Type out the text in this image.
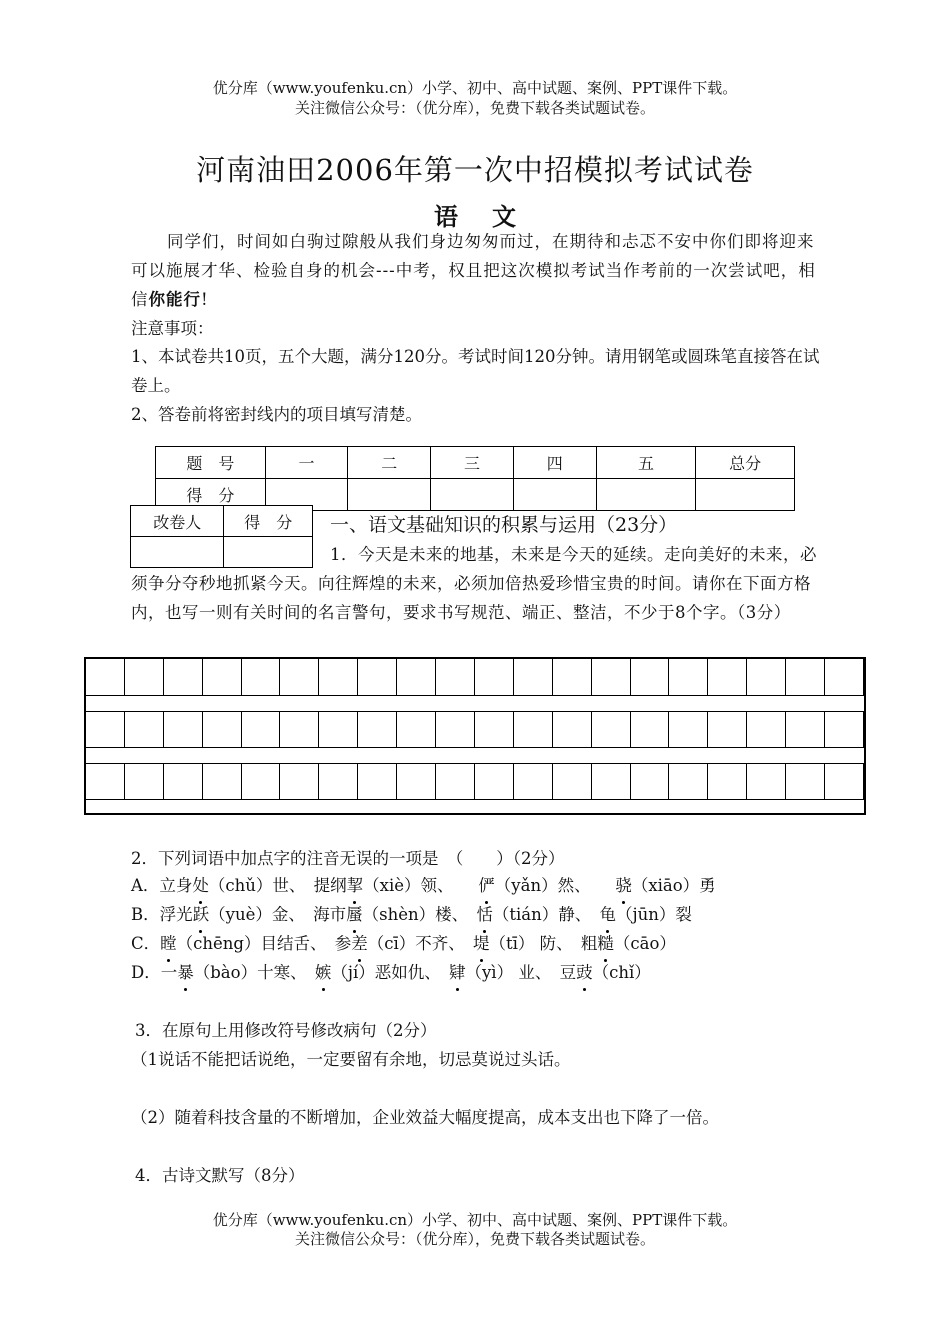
优分库（www.youfenku.cn）小学、初中、高中试题、案例、PPT课件下载。
关注微信公众号：（优分库），免费下载各类试题试卷。
河南油田2006年第一次中招模拟考试试卷
语 文
同学们，时间如白驹过隙般从我们身边匆匆而过，在期待和忐忑不安中你们即将迎来可以施展才华、检验自身的机会---中考，权且把这次模拟考试当作考前的一次尝试吧，相信你能行!
注意事项：
1、本试卷共10页，五个大题，满分120分。考试时间120分钟。请用钢笔或圆珠笔直接答在试卷上。
2、答卷前将密封线内的项目填写清楚。
题　号	一	二	三	四	五	总分
得　分						
改卷人	得　分
	一、语文基础知识的积累与运用（23分）
1．今天是未来的地基，未来是今天的延续。走向美好的未来，必须争分夺秒地抓紧今天。向往辉煌的未来，必须加倍热爱珍惜宝贵的时间。请你在下面方格内，也写一则有关时间的名言警句，要求书写规范、端正、整洁，不少于8个字。（3分）
2．下列词语中加点字的注音无误的一项是　（　　）（2分）
A．立身处（chǔ）世、　提纲挈（xiè）领、　　俨（yǎn）然、　　骁（xiāo）勇
B．浮光跃（yuè）金、　海市蜃（shèn）楼、　恬（tián）静、　龟（jūn）裂
C．瞠（chēng）目结舌、　参差（cī）不齐、　堤（tī） 防、　粗糙（cāo）
D．一暴（bào）十寒、　嫉（jí）恶如仇、　肄（yì） 业、　豆豉（chǐ）
3．在原句上用修改符号修改病句（2分）
（1说话不能把话说绝，一定要留有余地，切忌莫说过头话。
（2）随着科技含量的不断增加，企业效益大幅度提高，成本支出也下降了一倍。
4．古诗文默写（8分）
优分库（www.youfenku.cn）小学、初中、高中试题、案例、PPT课件下载。
关注微信公众号：（优分库），免费下载各类试题试卷。
